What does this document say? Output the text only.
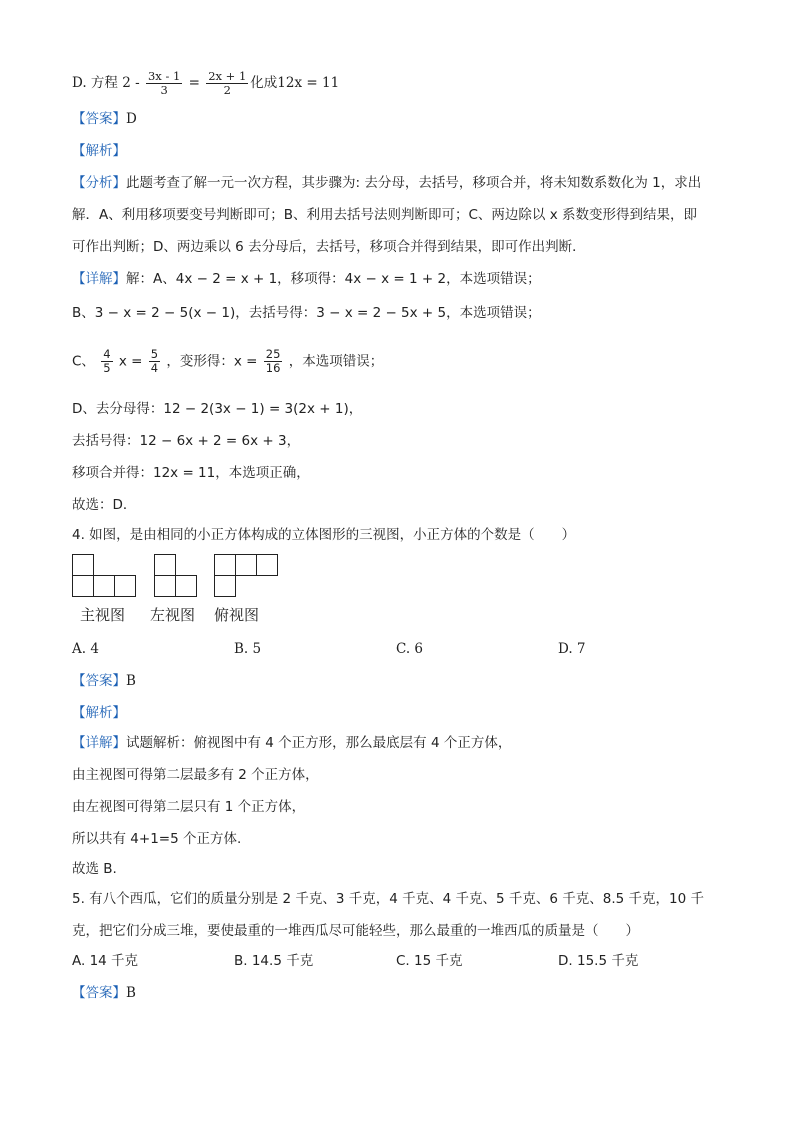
D. 方程 $2 - \frac{3x - 1}{3} = \frac{2x + 1}{2}$ 化成12x = 11
【答案】D
【解析】
【分析】此题考查了解一元一次方程，其步骤为: 去分母，去括号，移项合并，将未知数系数化为 1，求出
解．A、利用移项要变号判断即可；B、利用去括号法则判断即可；C、两边除以 x 系数变形得到结果，即
可作出判断；D、两边乘以 6 去分母后，去括号，移项合并得到结果，即可作出判断．
【详解】解：A、4x − 2 = x + 1，移项得：4x − x = 1 + 2，本选项错误；
B、3 − x = 2 − 5(x − 1)，去括号得：3 − x = 2 − 5x + 5，本选项错误；
C、 $\frac{4}{5}$ $x = \frac{5}{4}$ ，变形得：$x = \frac{25}{16}$ ，本选项错误；
D、去分母得：12 − 2(3x − 1) = 3(2x + 1)，
去括号得：12 − 6x + 2 = 6x + 3，
移项合并得：12x = 11，本选项正确，
故选：D．
4. 如图，是由相同的小正方体构成的立体图形的三视图，小正方体的个数是（　　）
主视图 左视图 俯视图
A. 4	B. 5	C. 6	D. 7
【答案】B
【解析】
【详解】试题解析：俯视图中有 4 个正方形，那么最底层有 4 个正方体，
由主视图可得第二层最多有 2 个正方体，
由左视图可得第二层只有 1 个正方体，
所以共有 4+1=5 个正方体.
故选 B.
5. 有八个西瓜，它们的质量分别是 2 千克、3 千克，4 千克、4 千克、5 千克、6 千克、8.5 千克，10 千
克，把它们分成三堆，要使最重的一堆西瓜尽可能轻些，那么最重的一堆西瓜的质量是（　　）
A. 14 千克	B. 14.5 千克	C. 15 千克	D. 15.5 千克
【答案】B
